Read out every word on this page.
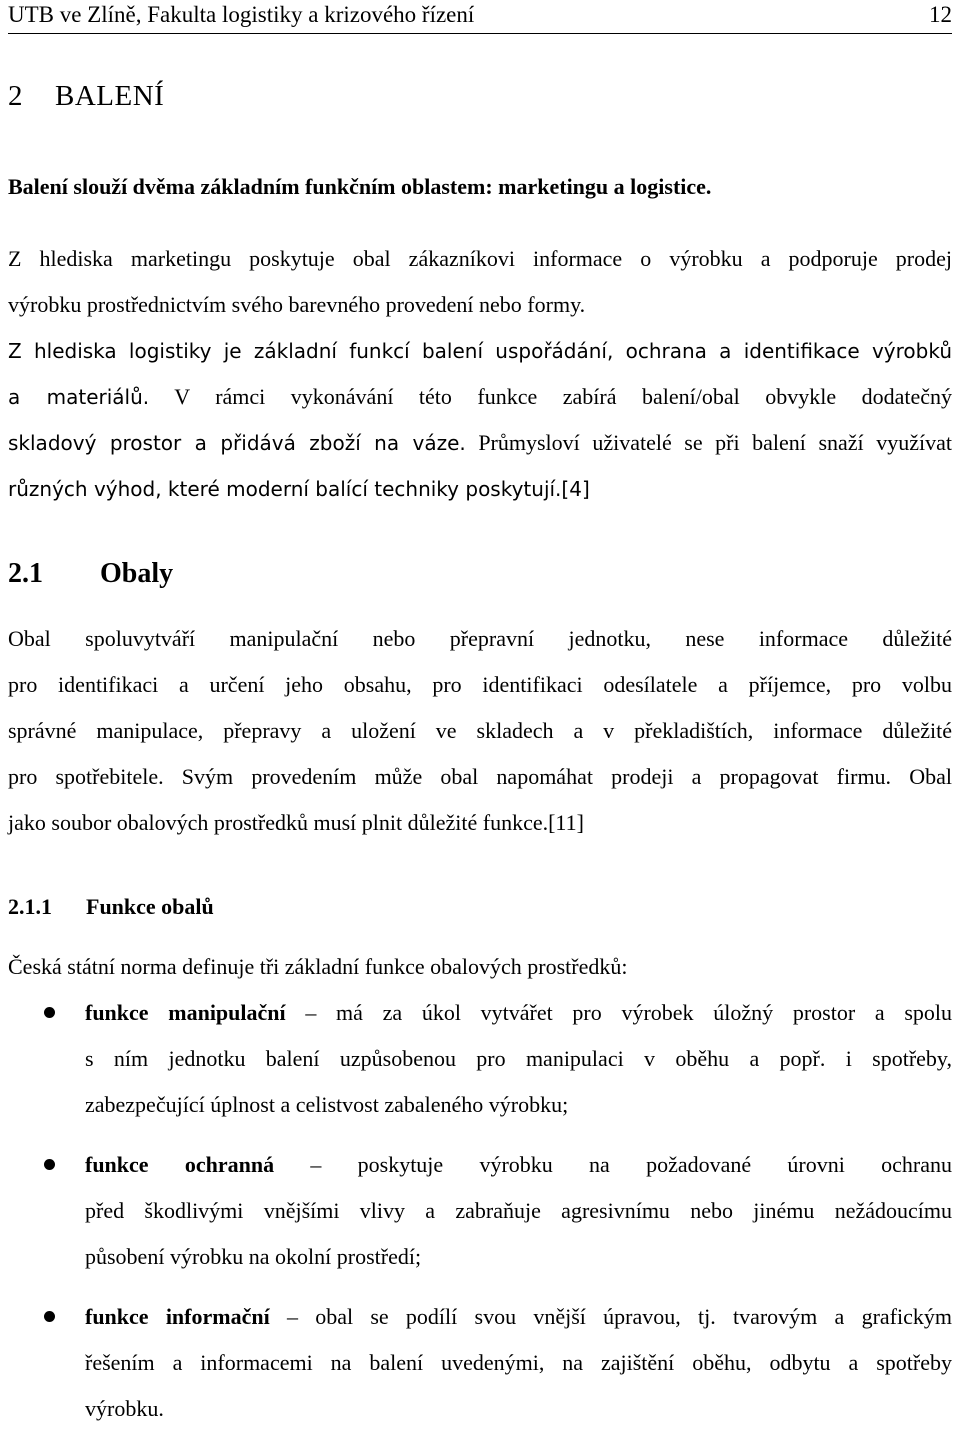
UTB ve Zlíně, Fakulta logistiky a krizového řízení	12
2 BALENÍ

Balení slouží dvěma základním funkčním oblastem: marketingu a logistice.

Z hlediska marketingu poskytuje obal zákazníkovi informace o výrobku a podporuje prodej
výrobku prostřednictvím svého barevného provedení nebo formy.

Z hlediska logistiky je základní funkcí balení uspořádání, ochrana a identifikace výrobků
a materiálů. V rámci vykonávání této funkce zabírá balení/obal obvykle dodatečný
skladový prostor a přidává zboží na váze. Průmysloví uživatelé se při balení snaží využívat
různých výhod, které moderní balící techniky poskytují.[4]

2.1 Obaly

Obal spoluvytváří manipulační nebo přepravní jednotku, nese informace důležité
pro identifikaci a určení jeho obsahu, pro identifikaci odesílatele a příjemce, pro volbu
správné manipulace, přepravy a uložení ve skladech a v překladištích, informace důležité
pro spotřebitele. Svým provedením může obal napomáhat prodeji a propagovat firmu. Obal
jako soubor obalových prostředků musí plnit důležité funkce.[11]

2.1.1 Funkce obalů

Česká státní norma definuje tři základní funkce obalových prostředků:

funkce manipulační – má za úkol vytvářet pro výrobek úložný prostor a spolu
s ním jednotku balení uzpůsobenou pro manipulaci v oběhu a popř. i spotřeby,
zabezpečující úplnost a celistvost zabaleného výrobku;
funkce ochranná – poskytuje výrobku na požadované úrovni ochranu
před škodlivými vnějšími vlivy a zabraňuje agresivnímu nebo jinému nežádoucímu
působení výrobku na okolní prostředí;
funkce informační – obal se podílí svou vnější úpravou, tj. tvarovým a grafickým
řešením a informacemi na balení uvedenými, na zajištění oběhu, odbytu a spotřeby
výrobku.
